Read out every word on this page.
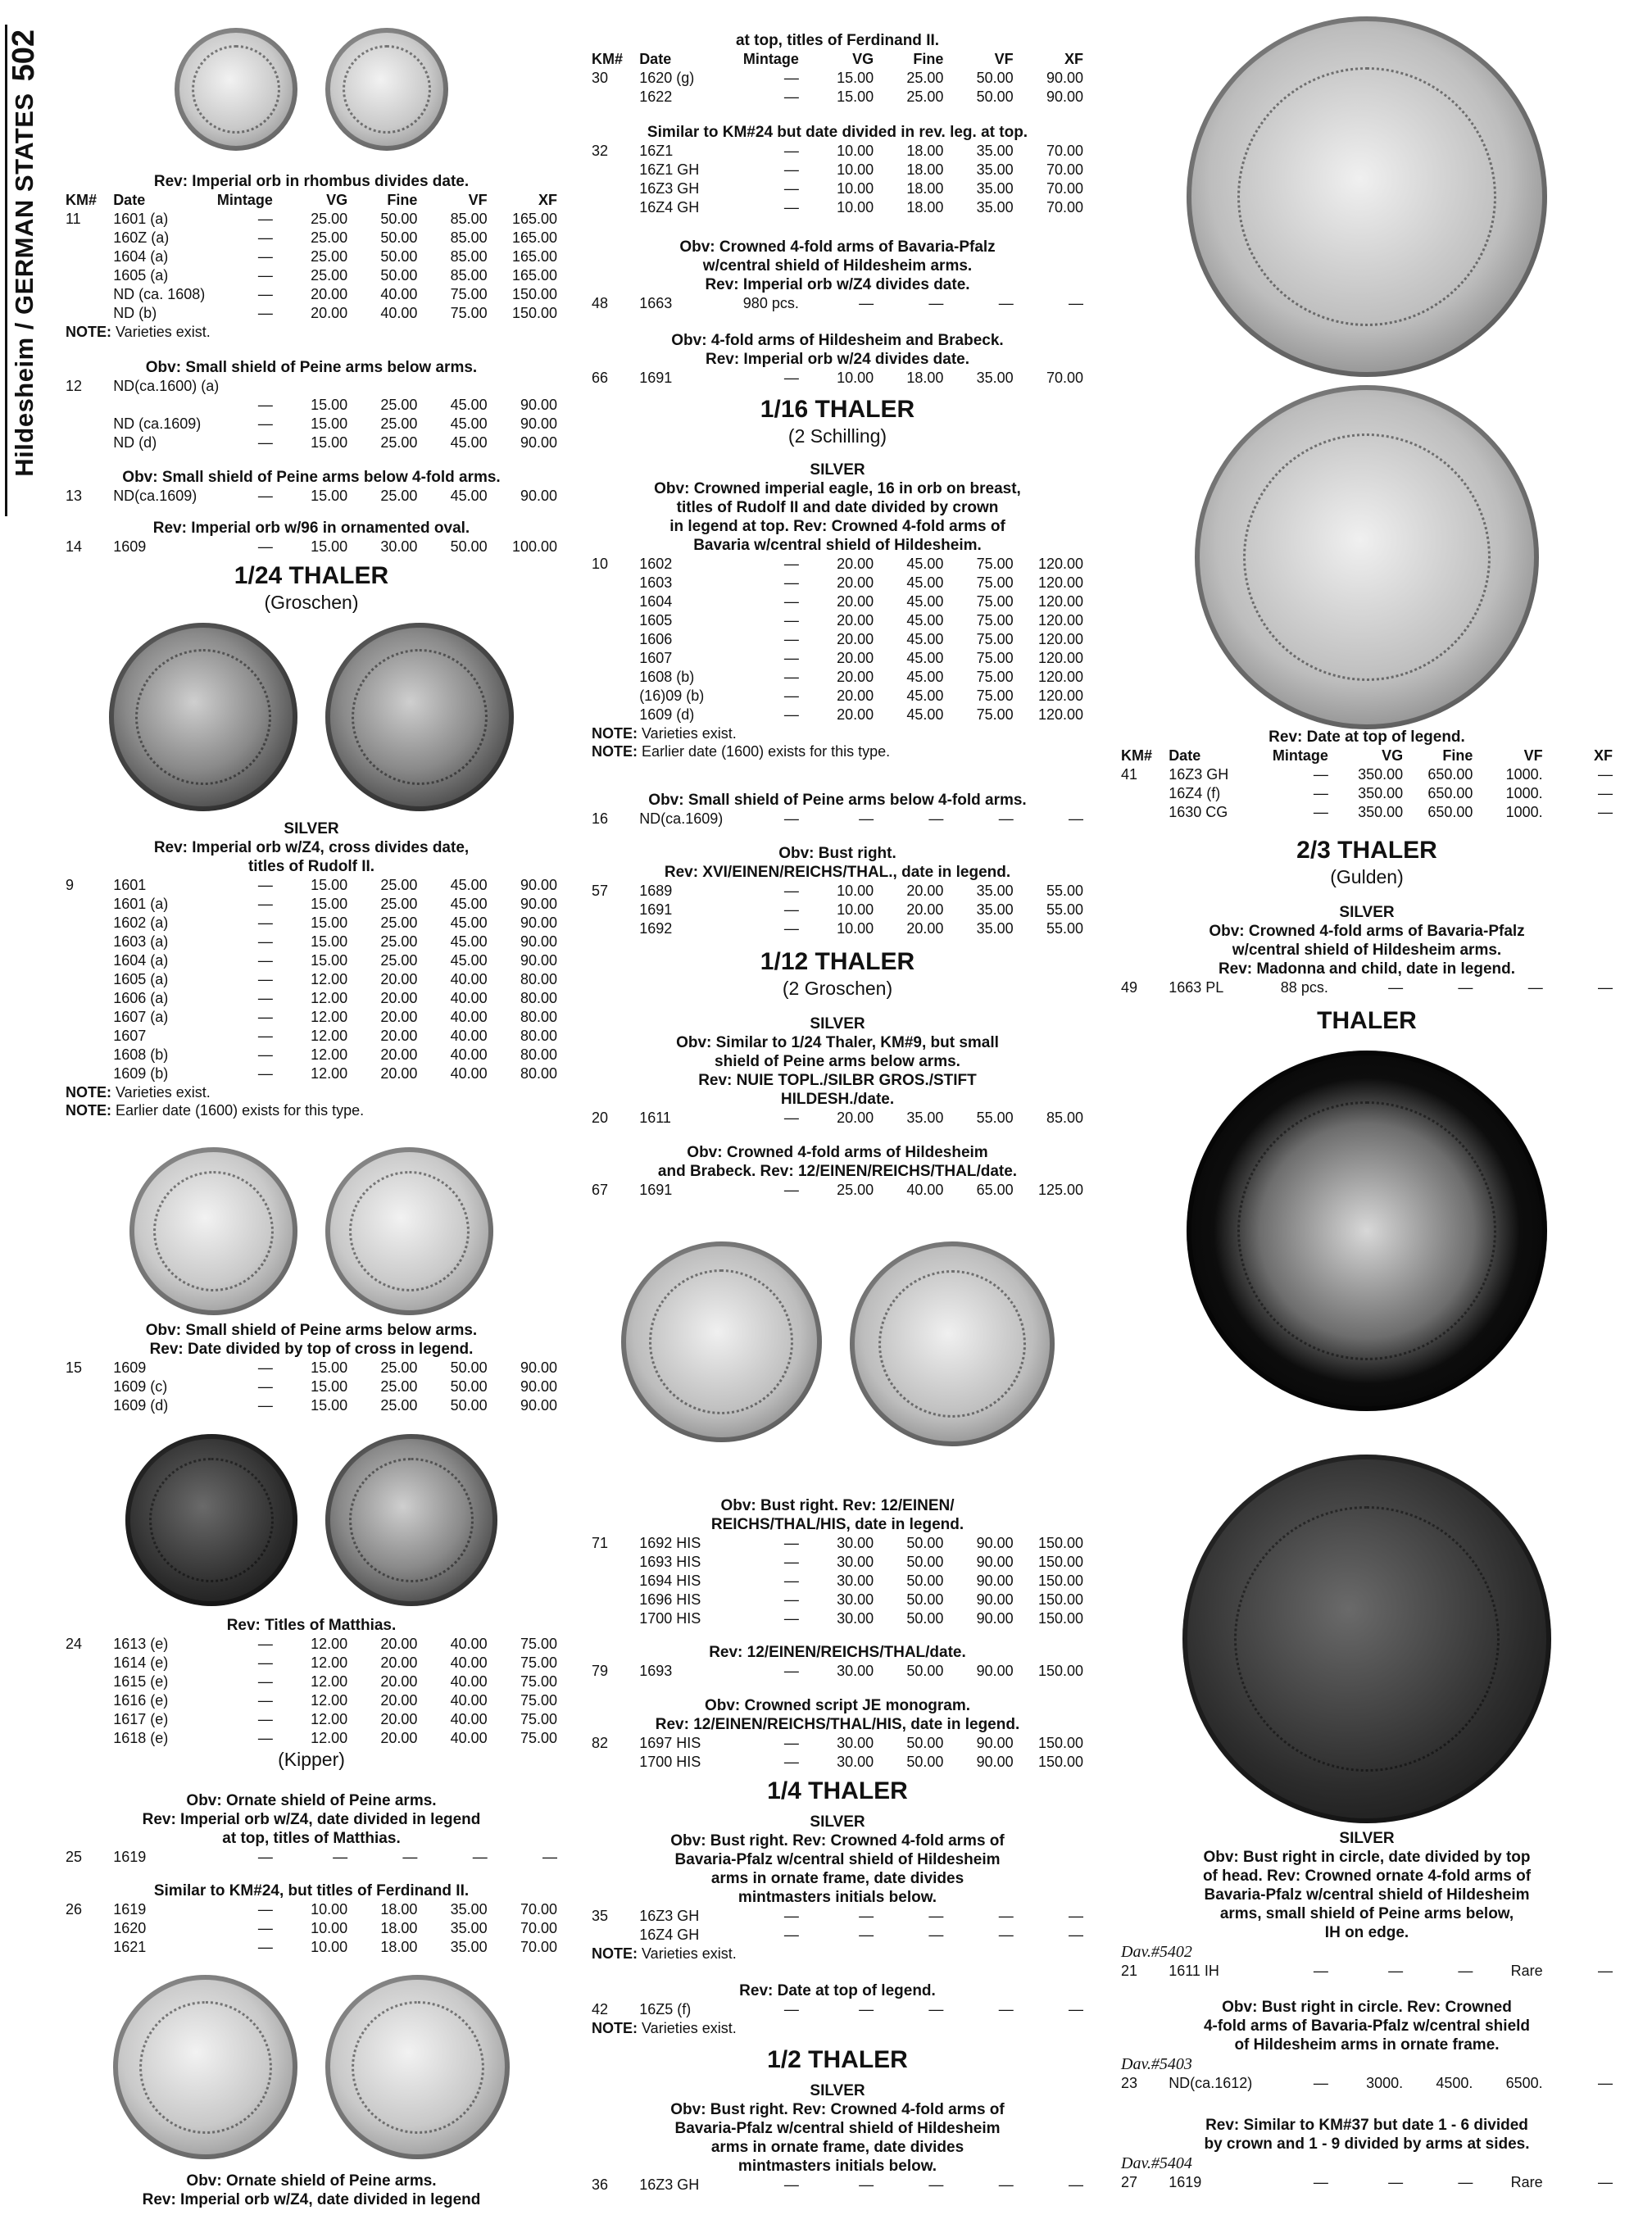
Hildesheim / GERMAN STATES
502
Rev: Imperial orb in rhombus divides date.
KM#	Date	Mintage	VG	Fine	VF	XF
11	1601 (a)	—	25.00	50.00	85.00	165.00
	160Z (a)	—	25.00	50.00	85.00	165.00
	1604 (a)	—	25.00	50.00	85.00	165.00
	1605 (a)	—	25.00	50.00	85.00	165.00
	ND (ca. 1608)	—	20.00	40.00	75.00	150.00
	ND (b)	—	20.00	40.00	75.00	150.00
NOTE: Varieties exist.
Obv: Small shield of Peine arms below arms.
12	ND(ca.1600) (a)					
		—	15.00	25.00	45.00	90.00
	ND (ca.1609)	—	15.00	25.00	45.00	90.00
	ND (d)	—	15.00	25.00	45.00	90.00
Obv: Small shield of Peine arms below 4-fold arms.
13	ND(ca.1609)	—	15.00	25.00	45.00	90.00
Rev: Imperial orb w/96 in ornamented oval.
14	1609	—	15.00	30.00	50.00	100.00
1/24 THALER
(Groschen)
SILVER
Rev: Imperial orb w/Z4, cross divides date,
titles of Rudolf II.
9	1601	—	15.00	25.00	45.00	90.00
	1601 (a)	—	15.00	25.00	45.00	90.00
	1602 (a)	—	15.00	25.00	45.00	90.00
	1603 (a)	—	15.00	25.00	45.00	90.00
	1604 (a)	—	15.00	25.00	45.00	90.00
	1605 (a)	—	12.00	20.00	40.00	80.00
	1606 (a)	—	12.00	20.00	40.00	80.00
	1607 (a)	—	12.00	20.00	40.00	80.00
	1607	—	12.00	20.00	40.00	80.00
	1608 (b)	—	12.00	20.00	40.00	80.00
	1609 (b)	—	12.00	20.00	40.00	80.00
NOTE: Varieties exist.
NOTE: Earlier date (1600) exists for this type.
Obv: Small shield of Peine arms below arms.
Rev: Date divided by top of cross in legend.
15	1609	—	15.00	25.00	50.00	90.00
	1609 (c)	—	15.00	25.00	50.00	90.00
	1609 (d)	—	15.00	25.00	50.00	90.00
Rev: Titles of Matthias.
24	1613 (e)	—	12.00	20.00	40.00	75.00
	1614 (e)	—	12.00	20.00	40.00	75.00
	1615 (e)	—	12.00	20.00	40.00	75.00
	1616 (e)	—	12.00	20.00	40.00	75.00
	1617 (e)	—	12.00	20.00	40.00	75.00
	1618 (e)	—	12.00	20.00	40.00	75.00
(Kipper)
Obv: Ornate shield of Peine arms.
Rev: Imperial orb w/Z4, date divided in legend
at top, titles of Matthias.
25	1619	—	—	—	—	—
Similar to KM#24, but titles of Ferdinand II.
26	1619	—	10.00	18.00	35.00	70.00
	1620	—	10.00	18.00	35.00	70.00
	1621	—	10.00	18.00	35.00	70.00
Obv: Ornate shield of Peine arms.
Rev: Imperial orb w/Z4, date divided in legend
at top, titles of Ferdinand II.
KM#	Date	Mintage	VG	Fine	VF	XF
30	1620 (g)	—	15.00	25.00	50.00	90.00
	1622	—	15.00	25.00	50.00	90.00
Similar to KM#24 but date divided in rev. leg. at top.
32	16Z1	—	10.00	18.00	35.00	70.00
	16Z1 GH	—	10.00	18.00	35.00	70.00
	16Z3 GH	—	10.00	18.00	35.00	70.00
	16Z4 GH	—	10.00	18.00	35.00	70.00
Obv: Crowned 4-fold arms of Bavaria-Pfalz
w/central shield of Hildesheim arms.
Rev: Imperial orb w/Z4 divides date.
48	1663	980 pcs.	—	—	—	—
Obv: 4-fold arms of Hildesheim and Brabeck.
Rev: Imperial orb w/24 divides date.
66	1691	—	10.00	18.00	35.00	70.00
1/16 THALER
(2 Schilling)
SILVER
Obv: Crowned imperial eagle, 16 in orb on breast,
titles of Rudolf II and date divided by crown
in legend at top. Rev: Crowned 4-fold arms of
Bavaria w/central shield of Hildesheim.
10	1602	—	20.00	45.00	75.00	120.00
	1603	—	20.00	45.00	75.00	120.00
	1604	—	20.00	45.00	75.00	120.00
	1605	—	20.00	45.00	75.00	120.00
	1606	—	20.00	45.00	75.00	120.00
	1607	—	20.00	45.00	75.00	120.00
	1608 (b)	—	20.00	45.00	75.00	120.00
	(16)09 (b)	—	20.00	45.00	75.00	120.00
	1609 (d)	—	20.00	45.00	75.00	120.00
NOTE: Varieties exist.
NOTE: Earlier date (1600) exists for this type.
Obv: Small shield of Peine arms below 4-fold arms.
16	ND(ca.1609)	—	—	—	—	—
Obv: Bust right.
Rev: XVI/EINEN/REICHS/THAL., date in legend.
57	1689	—	10.00	20.00	35.00	55.00
	1691	—	10.00	20.00	35.00	55.00
	1692	—	10.00	20.00	35.00	55.00
1/12 THALER
(2 Groschen)
SILVER
Obv: Similar to 1/24 Thaler, KM#9, but small
shield of Peine arms below arms.
Rev: NUIE TOPL./SILBR GROS./STIFT
HILDESH./date.
20	1611	—	20.00	35.00	55.00	85.00
Obv: Crowned 4-fold arms of Hildesheim
and Brabeck. Rev: 12/EINEN/REICHS/THAL/date.
67	1691	—	25.00	40.00	65.00	125.00
Obv: Bust right. Rev: 12/EINEN/
REICHS/THAL/HIS, date in legend.
71	1692 HIS	—	30.00	50.00	90.00	150.00
	1693 HIS	—	30.00	50.00	90.00	150.00
	1694 HIS	—	30.00	50.00	90.00	150.00
	1696 HIS	—	30.00	50.00	90.00	150.00
	1700 HIS	—	30.00	50.00	90.00	150.00
Rev: 12/EINEN/REICHS/THAL/date.
79	1693	—	30.00	50.00	90.00	150.00
Obv: Crowned script JE monogram.
Rev: 12/EINEN/REICHS/THAL/HIS, date in legend.
82	1697 HIS	—	30.00	50.00	90.00	150.00
	1700 HIS	—	30.00	50.00	90.00	150.00
1/4 THALER
SILVER
Obv: Bust right. Rev: Crowned 4-fold arms of
Bavaria-Pfalz w/central shield of Hildesheim
arms in ornate frame, date divides
mintmasters initials below.
35	16Z3 GH	—	—	—	—	—
	16Z4 GH	—	—	—	—	—
NOTE: Varieties exist.
Rev: Date at top of legend.
42	16Z5 (f)	—	—	—	—	—
NOTE: Varieties exist.
1/2 THALER
SILVER
Obv: Bust right. Rev: Crowned 4-fold arms of
Bavaria-Pfalz w/central shield of Hildesheim
arms in ornate frame, date divides
mintmasters initials below.
36	16Z3 GH	—	—	—	—	—
Rev: Date at top of legend.
KM#	Date	Mintage	VG	Fine	VF	XF
41	16Z3 GH	—	350.00	650.00	1000.	—
	16Z4 (f)	—	350.00	650.00	1000.	—
	1630 CG	—	350.00	650.00	1000.	—
2/3 THALER
(Gulden)
SILVER
Obv: Crowned 4-fold arms of Bavaria-Pfalz
w/central shield of Hildesheim arms.
Rev: Madonna and child, date in legend.
49	1663 PL	88 pcs.	—	—	—	—
THALER
SILVER
Obv: Bust right in circle, date divided by top
of head. Rev: Crowned ornate 4-fold arms of
Bavaria-Pfalz w/central shield of Hildesheim
arms, small shield of Peine arms below,
IH on edge.
Dav.#5402
21	1611 IH	—	—	—	Rare	—
Obv: Bust right in circle. Rev: Crowned
4-fold arms of Bavaria-Pfalz w/central shield
of Hildesheim arms in ornate frame.
Dav.#5403
23	ND(ca.1612)	—	3000.	4500.	6500.	—
Rev: Similar to KM#37 but date 1 - 6 divided
by crown and 1 - 9 divided by arms at sides.
Dav.#5404
27	1619	—	—	—	Rare	—
